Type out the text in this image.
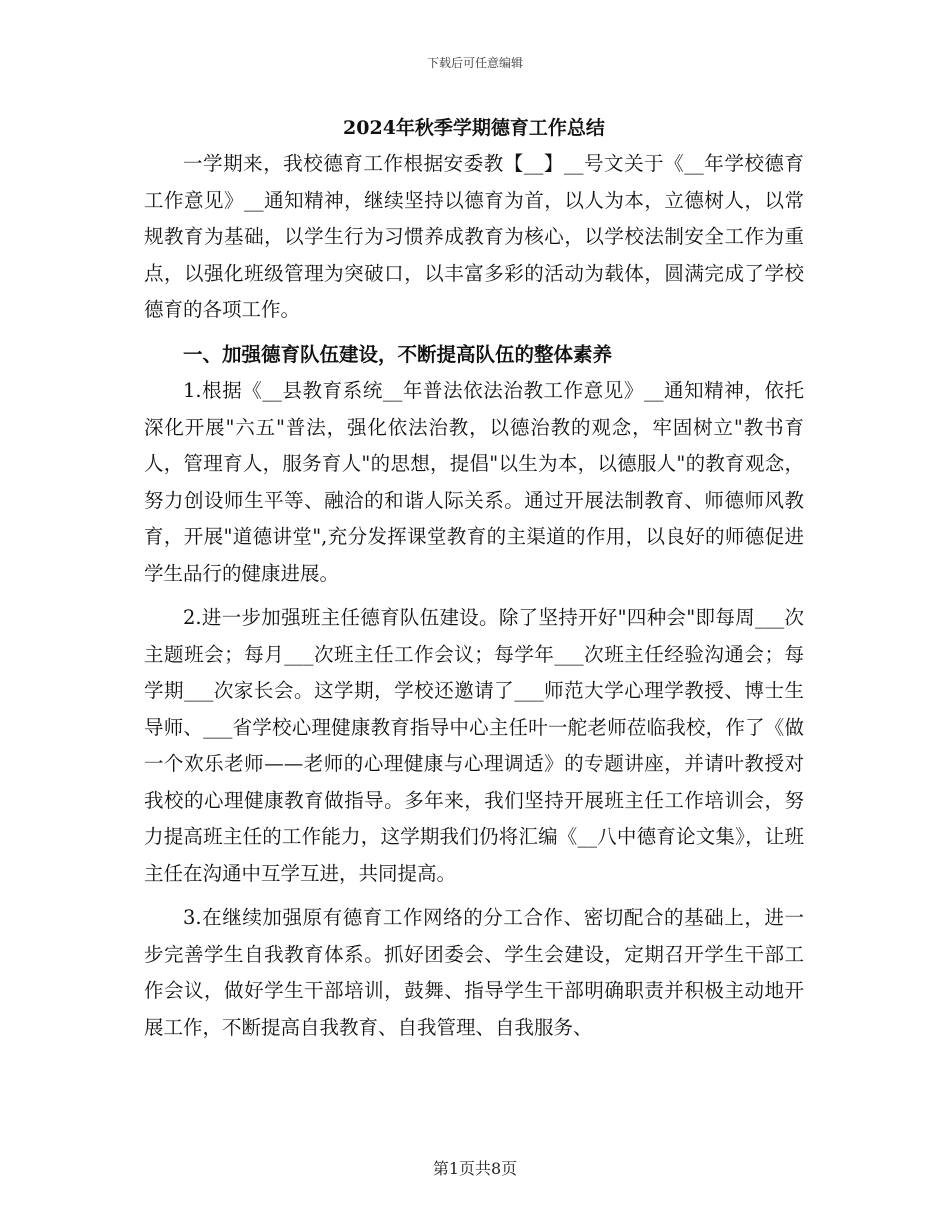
下载后可任意编辑
2024年秋季学期德育工作总结

一学期来，我校德育工作根据安委教【__】__号文关于《__年学校德育工作意见》__通知精神，继续坚持以德育为首，以人为本，立德树人，以常规教育为基础，以学生行为习惯养成教育为核心，以学校法制安全工作为重点，以强化班级管理为突破口，以丰富多彩的活动为载体，圆满完成了学校德育的各项工作。

一、加强德育队伍建设，不断提高队伍的整体素养

1.根据《__县教育系统__年普法依法治教工作意见》__通知精神，依托深化开展"六五"普法，强化依法治教，以德治教的观念，牢固树立"教书育人，管理育人，服务育人"的思想，提倡"以生为本，以德服人"的教育观念，努力创设师生平等、融洽的和谐人际关系。通过开展法制教育、师德师风教育，开展"道德讲堂",充分发挥课堂教育的主渠道的作用，以良好的师德促进学生品行的健康进展。

2.进一步加强班主任德育队伍建设。除了坚持开好"四种会"即每周___次主题班会；每月___次班主任工作会议；每学年___次班主任经验沟通会；每学期___次家长会。这学期，学校还邀请了___师范大学心理学教授、博士生导师、___省学校心理健康教育指导中心主任叶一舵老师莅临我校，作了《做一个欢乐老师——老师的心理健康与心理调适》的专题讲座，并请叶教授对我校的心理健康教育做指导。多年来，我们坚持开展班主任工作培训会，努力提高班主任的工作能力，这学期我们仍将汇编《__八中德育论文集》，让班主任在沟通中互学互进，共同提高。

3.在继续加强原有德育工作网络的分工合作、密切配合的基础上，进一步完善学生自我教育体系。抓好团委会、学生会建设，定期召开学生干部工作会议，做好学生干部培训，鼓舞、指导学生干部明确职责并积极主动地开展工作，不断提高自我教育、自我管理、自我服务、

第1页共8页
